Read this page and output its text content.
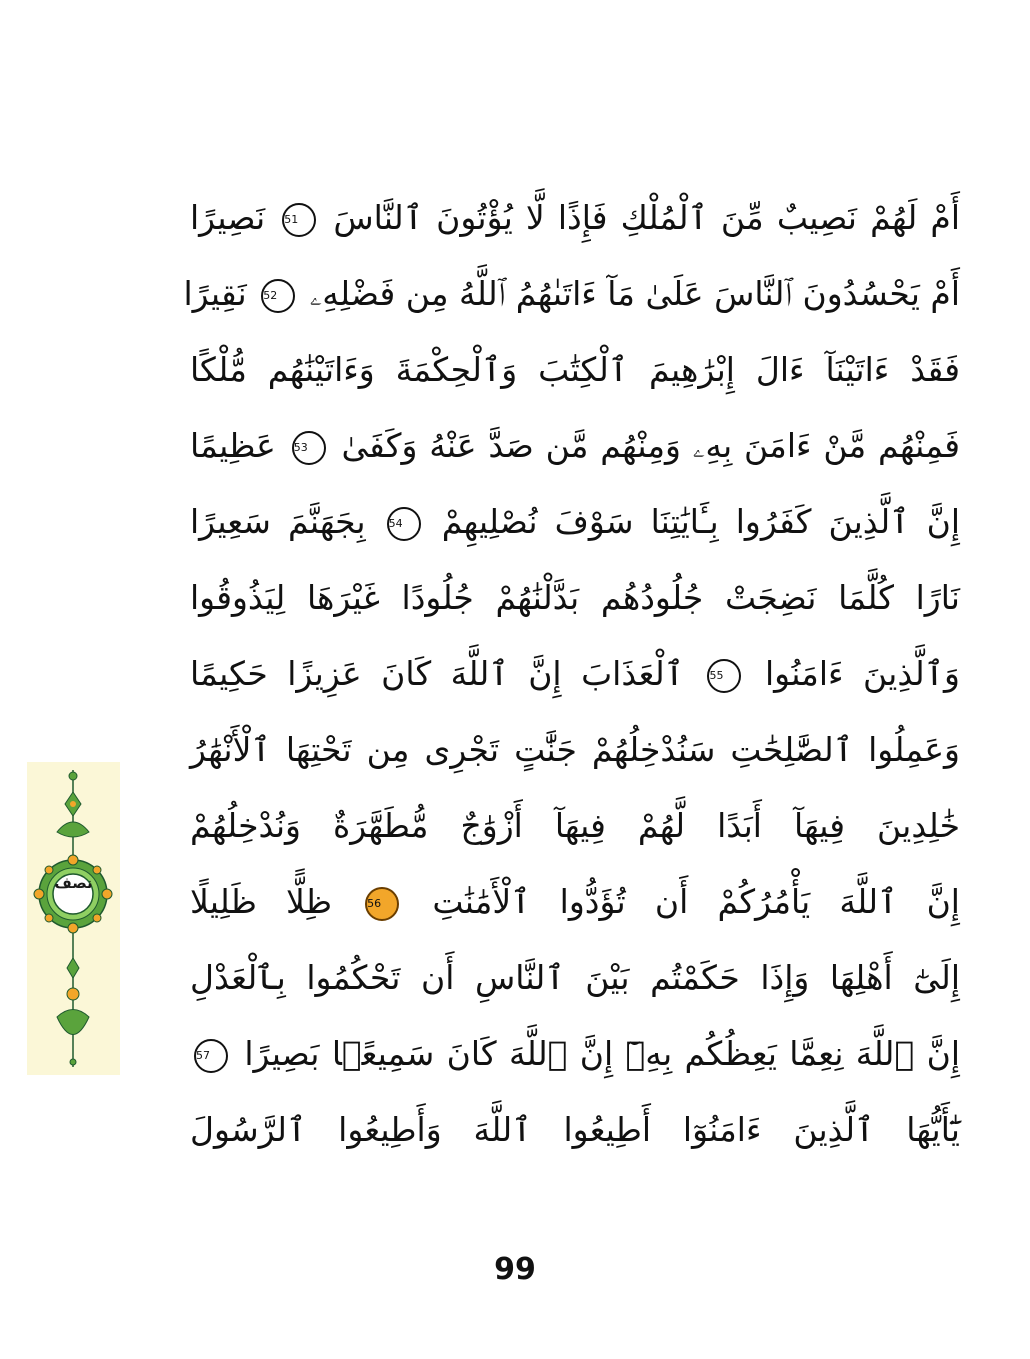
أَمْ لَهُمْ نَصِيبٌ مِّنَ ٱلْمُلْكِ فَإِذًا لَّا يُؤْتُونَ ٱلنَّاسَ 51 نَصِيرًا
أَمْ يَحْسُدُونَ ٱلنَّاسَ عَلَىٰ مَآ ءَاتَىٰهُمُ ٱللَّهُ مِن فَضْلِهِۦ 52 نَقِيرًا
فَقَدْ ءَاتَيْنَآ ءَالَ إِبْرَٰهِيمَ ٱلْكِتَٰبَ وَٱلْحِكْمَةَ وَءَاتَيْنَٰهُم مُّلْكًا
فَمِنْهُم مَّنْ ءَامَنَ بِهِۦ وَمِنْهُم مَّن صَدَّ عَنْهُ وَكَفَىٰ 53 عَظِيمًا
إِنَّ ٱلَّذِينَ كَفَرُوا بِـَٔايَٰتِنَا سَوْفَ نُصْلِيهِمْ 54 بِجَهَنَّمَ سَعِيرًا
نَارًا كُلَّمَا نَضِجَتْ جُلُودُهُم بَدَّلْنَٰهُمْ جُلُودًا غَيْرَهَا لِيَذُوقُوا
وَٱلَّذِينَ ءَامَنُوا 55 ٱلْعَذَابَ إِنَّ ٱللَّهَ كَانَ عَزِيزًا حَكِيمًا
وَعَمِلُوا ٱلصَّٰلِحَٰتِ سَنُدْخِلُهُمْ جَنَّٰتٍ تَجْرِى مِن تَحْتِهَا ٱلْأَنْهَٰرُ
خَٰلِدِينَ فِيهَآ أَبَدًا لَّهُمْ فِيهَآ أَزْوَٰجٌ مُّطَهَّرَةٌ وَنُدْخِلُهُمْ
إِنَّ ٱللَّهَ يَأْمُرُكُمْ أَن تُؤَدُّوا ٱلْأَمَٰنَٰتِ 56 ظِلًّا ظَلِيلًا
إِلَىٰٓ أَهْلِهَا وَإِذَا حَكَمْتُم بَيْنَ ٱلنَّاسِ أَن تَحْكُمُوا بِٱلْعَدْلِ
إِنَّ ٱللَّهَ نِعِمَّا يَعِظُكُم بِهِۦٓ إِنَّ ٱللَّهَ كَانَ سَمِيعًۢا بَصِيرًا 57
يَٰٓأَيُّهَا ٱلَّذِينَ ءَامَنُوٓا أَطِيعُوا ٱللَّهَ وَأَطِيعُوا ٱلرَّسُولَ
نصف
99
